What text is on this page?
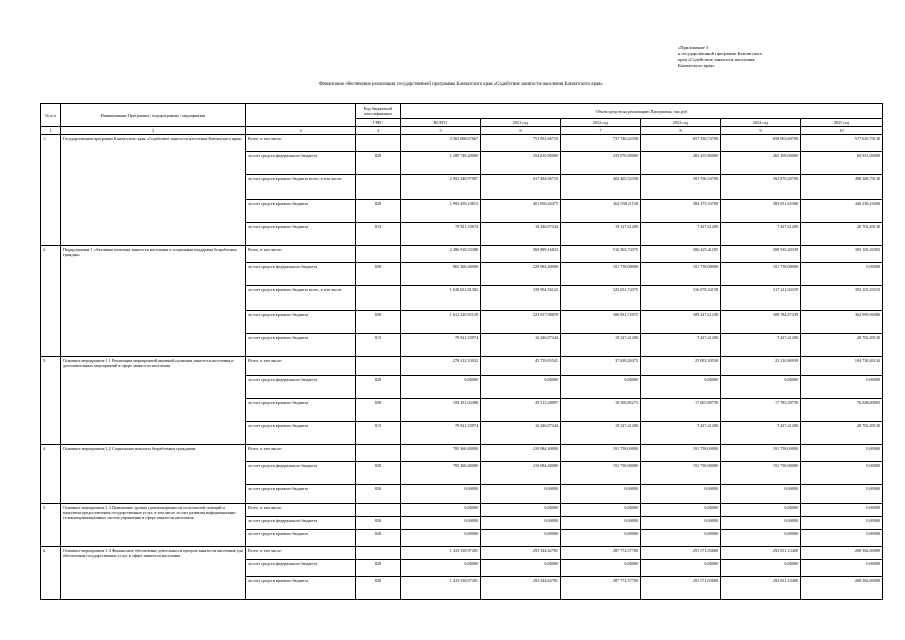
«Приложение 5
к государственной программе Камчатского
края «Содействие занятости населения
Камчатского края»
Финансовое обеспечение реализации государственной программы Камчатского края «Содействие занятости населения Камчатского края»
№ п/п	Наименование Программы / подпрограммы / мероприятия		Код бюджетной классификации	Объем средств на реализацию Программы, тыс.руб					
			ГРБС	ВСЕГО	2021 год	2022 год	2023 год	2024 год	2025 год
1	2	3	4	5	6	7	8	9	10
1.	Государственная программа Камчатского края «Содействие занятости населения Камчатского края»	Всего, в том числе:		3 382 068,67667	751 591,66719	737 746,42358	657 356,74700	658 063,60700	577 610,79130
		за счет средств федерального бюджета	820	1 289 748,20000	354 810,90000	335 076,90000	265 255,80000	265 309,00000	68 811,00000
		за счет средств краевого бюджета всего, в том числе:		2 092 349,97087	417 484,96719	402 465,52358	391 706,54700	392 870,20700	488 368,79130
		за счет средств краевого бюджета	820	1 995 458,10813	401 856,26475	362 938,11158	384 273,33700	385 651,65300	440 236,19200
		за счет средств краевого бюджета	813	78 921,33974	16 246,07244	19 127,41200	7 427,41200	7 427,41200	28 702,49130
2.	Подпрограмма 1 «Активная политика занятости населения и социальная поддержка безработных граждан»	Всего, в том числе:		2 496 918,53388	569 889,16823	516 503,74375	506 425,41185	508 935,29339	395 165,20393
		за счет средств федерального бюджета	820	865 360,40000	229 984,40000	191 758,00000	191 758,00000	191 758,00000	0,00000
		за счет средств краевого бюджета всего, в том числе:		1 630 651,81382	339 904,56122	325 651,74375	316 678,34158	317 211,94339	393 103,20310
		за счет средств краевого бюджета	820	1 612 520,95129	323 657,98878	306 931,72975	309 247,41238	308 784,87339	364 999,96986
		за счет средств краевого бюджета	813	78 921,33974	16 246,07244	19 127,41200	7 427,41200	7 427,41200	28 702,49130
3.	Основное мероприятие 1.1 Реализация мероприятий активной политики занятости населения и дополнительных мероприятий в сфере занятости населения	Всего, в том числе:		278 212,53032	45 759,95541	37 628,26473	25 093,30530	25 210,80939	104 730,40134
		за счет средств федерального бюджета	820	0,00000	0,00000	0,00000	0,00000	0,00000	0,00000
		за счет средств краевого бюджета	820	199 291,02498	29 513,28097	18 500,85273	17 665,89739	17 783,39739	76 028,00003
		за счет средств краевого бюджета	813	78 921,33974	16 246,07244	19 127,41200	7 427,41200	7 427,41200	28 702,49130
4.	Основное мероприятие 1.2 Социальные выплаты безработным гражданам	Всего, в том числе:		785 360,40000	210 084,40000	191 758,00000	191 758,00000	191 758,00000	0,00000
		за счет средств федерального бюджета	820	785 360,40000	210 084,40000	191 758,00000	191 758,00000	191 758,00000	0,00000
		за счет средств краевого бюджета	820	0,00000	0,00000	0,00000	0,00000	0,00000	0,00000
5.	Основное мероприятие 1.3 Повышение уровня удовлетворенности получателей позиций и качеством предоставления государственных услуг, в том числе за счет развития информационно-телекоммуникационных систем управления в сфере занятости населения	Всего, в том числе:		0,00000	0,00000	0,00000	0,00000	0,00000	0,00000
		за счет средств федерального бюджета	820	0,00000	0,00000	0,00000	0,00000	0,00000	0,00000
		за счет средств краевого бюджета	820	0,00000	0,00000	0,00000	0,00000	0,00000	0,00000
6.	Основное мероприятие 1.4 Финансовое обеспечение деятельности центров занятости населения для обеспечения государственных услуг в сфере занятости населения	Всего, в том числе:		1 433 338,97281	293 344,62781	287 772,57700	291 571,03600	292 651,13400	268 382,60009
		за счет средств федерального бюджета	820	0,00000	0,00000	0,00000	0,00000	0,00000	0,00000
		за счет средств краевого бюджета	820	1 433 338,97281	293 344,62781	287 772,57700	291 571,03600	292 651,13400	268 382,60009
